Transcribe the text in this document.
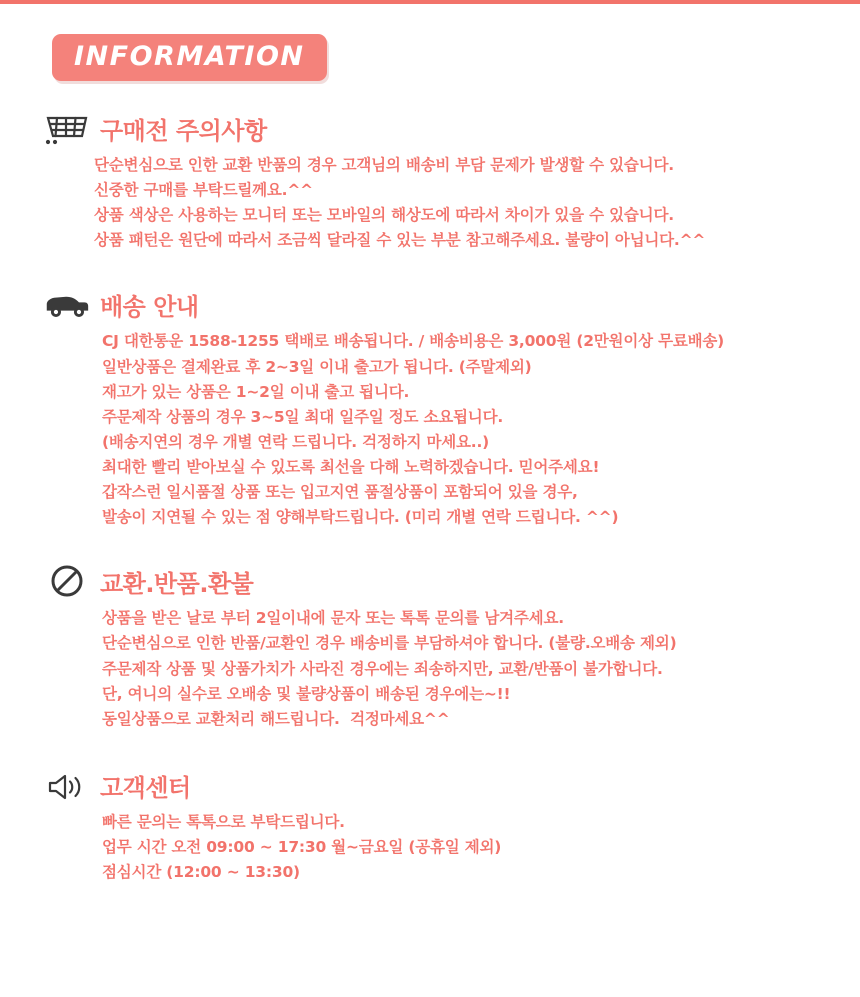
INFORMATION
구매전 주의사항
단순변심으로 인한 교환 반품의 경우 고객님의 배송비 부담 문제가 발생할 수 있습니다.
신중한 구매를 부탁드릴께요.^^
상품 색상은 사용하는 모니터 또는 모바일의 해상도에 따라서 차이가 있을 수 있습니다.
상품 패턴은 원단에 따라서 조금씩 달라질 수 있는 부분 참고해주세요. 불량이 아닙니다.^^
배송 안내
CJ 대한통운 1588-1255 택배로 배송됩니다. / 배송비용은 3,000원 (2만원이상 무료배송)
일반상품은 결제완료 후 2~3일 이내 출고가 됩니다. (주말제외)
재고가 있는 상품은 1~2일 이내 출고 됩니다.
주문제작 상품의 경우 3~5일 최대 일주일 정도 소요됩니다.
(배송지연의 경우 개별 연락 드립니다. 걱정하지 마세요..)
최대한 빨리 받아보실 수 있도록 최선을 다해 노력하겠습니다. 믿어주세요!
갑작스런 일시품절 상품 또는 입고지연 품절상품이 포함되어 있을 경우,
발송이 지연될 수 있는 점 양해부탁드립니다. (미리 개별 연락 드립니다. ^^)
교환.반품.환불
상품을 받은 날로 부터 2일이내에 문자 또는 톡톡 문의를 남겨주세요.
단순변심으로 인한 반품/교환인 경우 배송비를 부담하셔야 합니다. (불량.오배송 제외)
주문제작 상품 및 상품가치가 사라진 경우에는 죄송하지만, 교환/반품이 불가합니다.
단, 여니의 실수로 오배송 및 불량상품이 배송된 경우에는~!!
동일상품으로 교환처리 해드립니다.  걱정마세요^^
고객센터
빠른 문의는 톡톡으로 부탁드립니다.
업무 시간 오전 09:00 ~ 17:30 월~금요일 (공휴일 제외)
점심시간 (12:00 ~ 13:30)
